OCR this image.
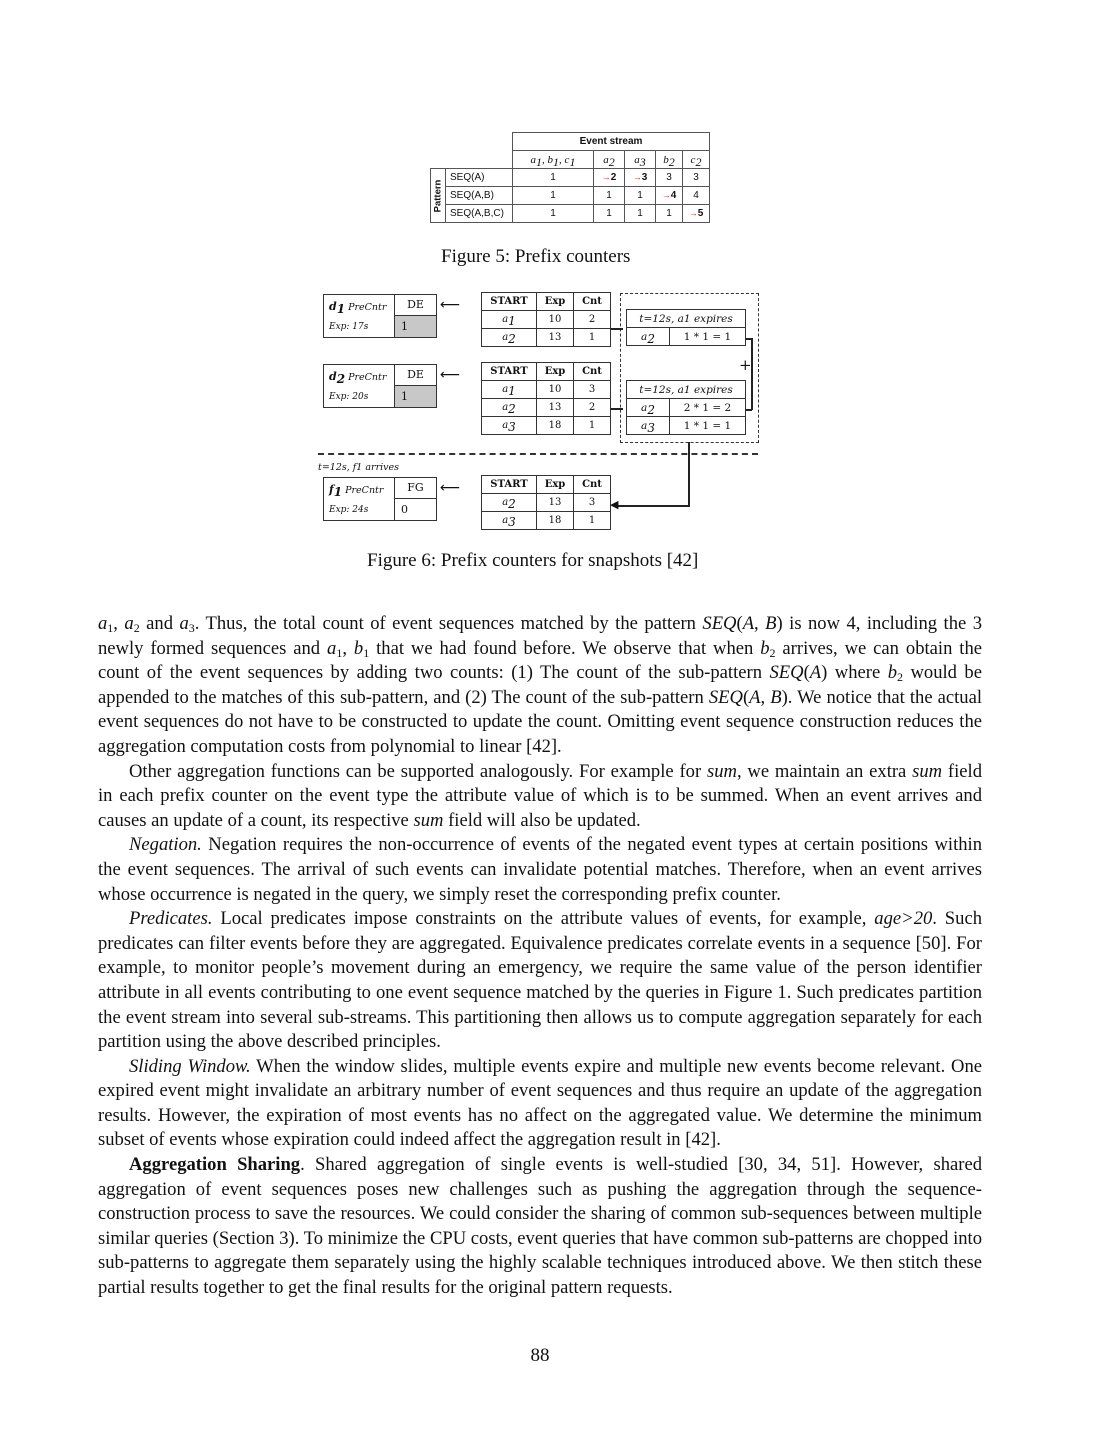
		Event stream				
		$a_1$, $b_1$, $c_1$	$a_2$	$a_3$	$b_2$	$c_2$

Pattern	SEQ(A)	1	→2	→3	3	3
	SEQ(A,B)	1	1	1	→4	4
	SEQ(A,B,C)	1	1	1	1	→5
Figure 5: Prefix counters
$d_1$ PreCntr
Exp: 17s
DE
1
⟵	START	Exp	Cnt
$a_1$	10	2
$a_2$	13	1
$d_2$ PreCntr
Exp: 20s
DE
1
⟵	START	Exp	Cnt
$a_1$	10	3
$a_2$	13	2
$a_3$	18	1
t=12s, a1 expires
$a_2$	1 * 1 = 1
t=12s, a1 expires	
$a_2$	2 * 1 = 2
$a_3$	1 * 1 = 1
+
t=12s, f1 arrives
$f_1$ PreCntr
Exp: 24s
FG
0
⟵	START	Exp	Cnt
$a_2$	13	3
$a_3$	18	1
◀
Figure 6: Prefix counters for snapshots [42]

$a_1$, $a_2$ and $a_3$. Thus, the total count of event sequences matched by the pattern SEQ(A, B) is now 4, including the 3 newly formed sequences and $a_1$, $b_1$ that we had found before. We observe that when $b_2$ arrives, we can obtain the count of the event sequences by adding two counts: (1) The count of the sub-pattern SEQ(A) where $b_2$ would be appended to the matches of this sub-pattern, and (2) The count of the sub-pattern SEQ(A, B). We notice that the actual event sequences do not have to be constructed to update the count. Omitting event sequence construction reduces the aggregation computation costs from polynomial to linear [42].

Other aggregation functions can be supported analogously. For example for sum, we maintain an extra sum field in each prefix counter on the event type the attribute value of which is to be summed. When an event arrives and causes an update of a count, its respective sum field will also be updated.

Negation. Negation requires the non-occurrence of events of the negated event types at certain positions within the event sequences. The arrival of such events can invalidate potential matches. Therefore, when an event arrives whose occurrence is negated in the query, we simply reset the corresponding prefix counter.

Predicates. Local predicates impose constraints on the attribute values of events, for example, age>20. Such predicates can filter events before they are aggregated. Equivalence predicates correlate events in a sequence [50]. For example, to monitor people’s movement during an emergency, we require the same value of the person identifier attribute in all events contributing to one event sequence matched by the queries in Figure 1. Such predicates partition the event stream into several sub-streams. This partitioning then allows us to compute aggregation separately for each partition using the above described principles.

Sliding Window. When the window slides, multiple events expire and multiple new events become relevant. One expired event might invalidate an arbitrary number of event sequences and thus require an update of the aggregation results. However, the expiration of most events has no affect on the aggregated value. We determine the minimum subset of events whose expiration could indeed affect the aggregation result in [42].

Aggregation Sharing. Shared aggregation of single events is well-studied [30, 34, 51]. However, shared aggregation of event sequences poses new challenges such as pushing the aggregation through the sequence-construction process to save the resources. We could consider the sharing of common sub-sequences between multiple similar queries (Section 3). To minimize the CPU costs, event queries that have common sub-patterns are chopped into sub-patterns to aggregate them separately using the highly scalable techniques introduced above. We then stitch these partial results together to get the final results for the original pattern requests.

88
